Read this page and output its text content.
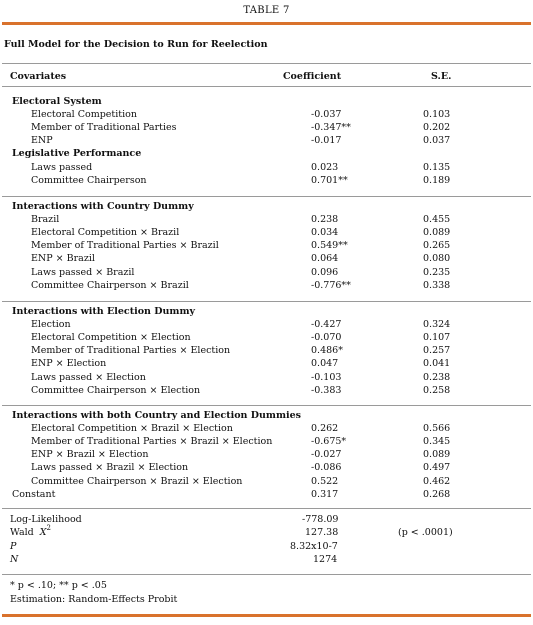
TABLE 7
Full Model for the Decision to Run for Reelection
Covariates	Coefficient	S.E.
Electoral System
Electoral Competition	-0.037	0.103
Member of Traditional Parties	-0.347**	0.202
ENP	-0.017	0.037
Legislative Performance
Laws passed	0.023	0.135
Committee Chairperson	0.701**	0.189
Interactions with Country Dummy
Brazil	0.238	0.455
Electoral Competition × Brazil	0.034	0.089
Member of Traditional Parties × Brazil	0.549**	0.265
ENP × Brazil	0.064	0.080
Laws passed × Brazil	0.096	0.235
Committee Chairperson × Brazil	-0.776**	0.338
Interactions with Election Dummy
Election	-0.427	0.324
Electoral Competition × Election	-0.070	0.107
Member of Traditional Parties × Election	0.486*	0.257
ENP × Election	0.047	0.041
Laws passed × Election	-0.103	0.238
Committee Chairperson × Election	-0.383	0.258
Interactions with both Country and Election Dummies
Electoral Competition × Brazil × Election	0.262	0.566
Member of Traditional Parties × Brazil × Election	-0.675*	0.345
ENP × Brazil × Election	-0.027	0.089
Laws passed × Brazil × Election	-0.086	0.497
Committee Chairperson × Brazil × Election	0.522	0.462
Constant	0.317	0.268
Log-Likelihood	-778.09
Wald $X^2$	127.38	(p < .0001)
P	8.32x10-7
N	1274
* p < .10; ** p < .05
Estimation: Random-Effects Probit
